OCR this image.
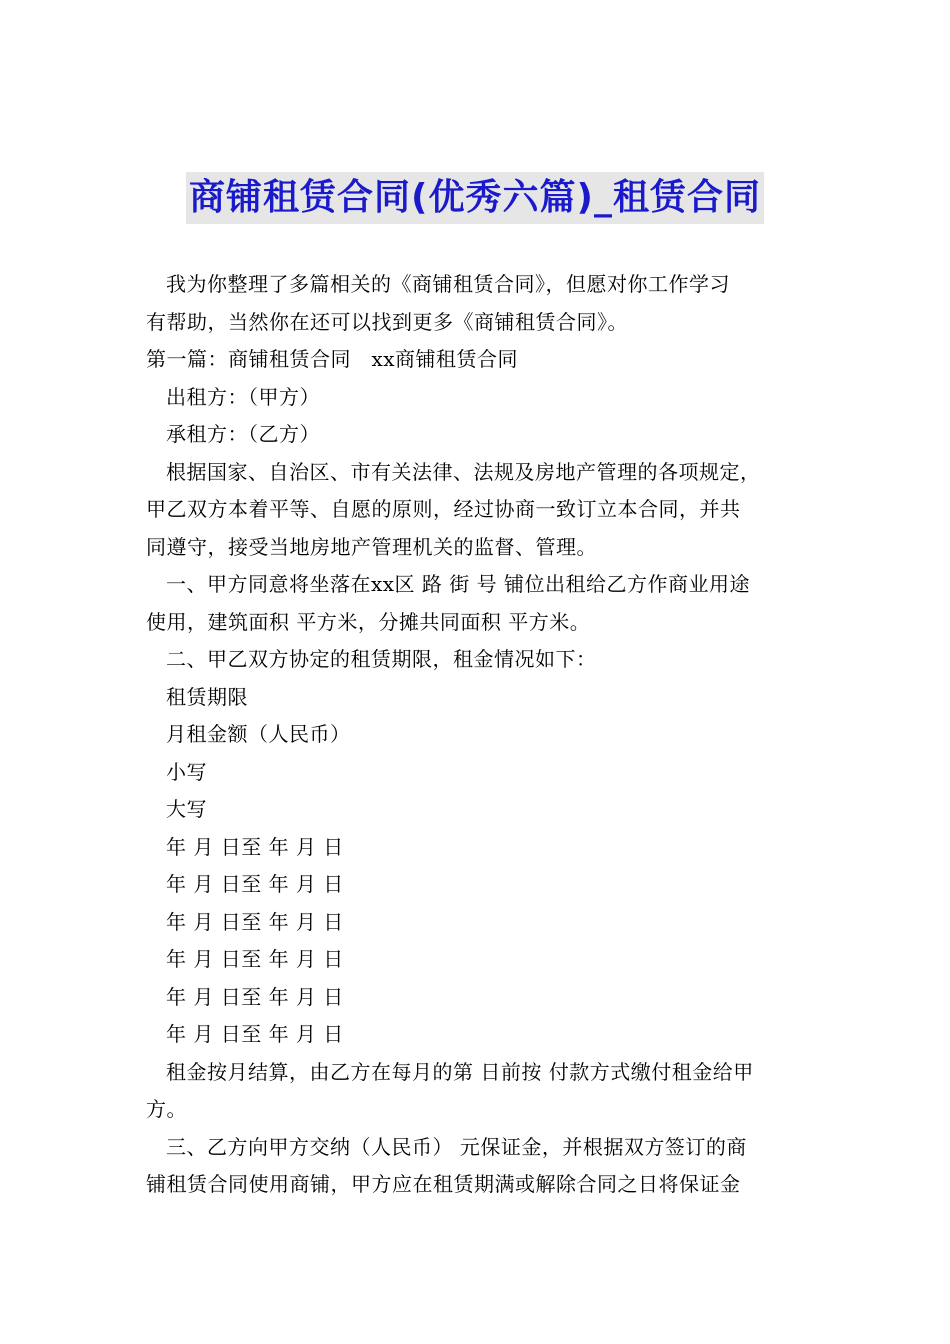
商铺租赁合同(优秀六篇)_租赁合同
我为你整理了多篇相关的《商铺租赁合同》，但愿对你工作学习
有帮助，当然你在还可以找到更多《商铺租赁合同》。
第一篇：商铺租赁合同　xx商铺租赁合同
出租方：（甲方）
承租方：（乙方）
根据国家、自治区、市有关法律、法规及房地产管理的各项规定，
甲乙双方本着平等、自愿的原则，经过协商一致订立本合同，并共
同遵守，接受当地房地产管理机关的监督、管理。
一、甲方同意将坐落在xx区 路 街 号 铺位出租给乙方作商业用途
使用，建筑面积 平方米，分摊共同面积 平方米。
二、甲乙双方协定的租赁期限，租金情况如下：
租赁期限
月租金额（人民币）
小写
大写
年 月 日至 年 月 日
年 月 日至 年 月 日
年 月 日至 年 月 日
年 月 日至 年 月 日
年 月 日至 年 月 日
年 月 日至 年 月 日
租金按月结算，由乙方在每月的第 日前按 付款方式缴付租金给甲
方。
三、乙方向甲方交纳（人民币） 元保证金，并根据双方签订的商
铺租赁合同使用商铺，甲方应在租赁期满或解除合同之日将保证金
